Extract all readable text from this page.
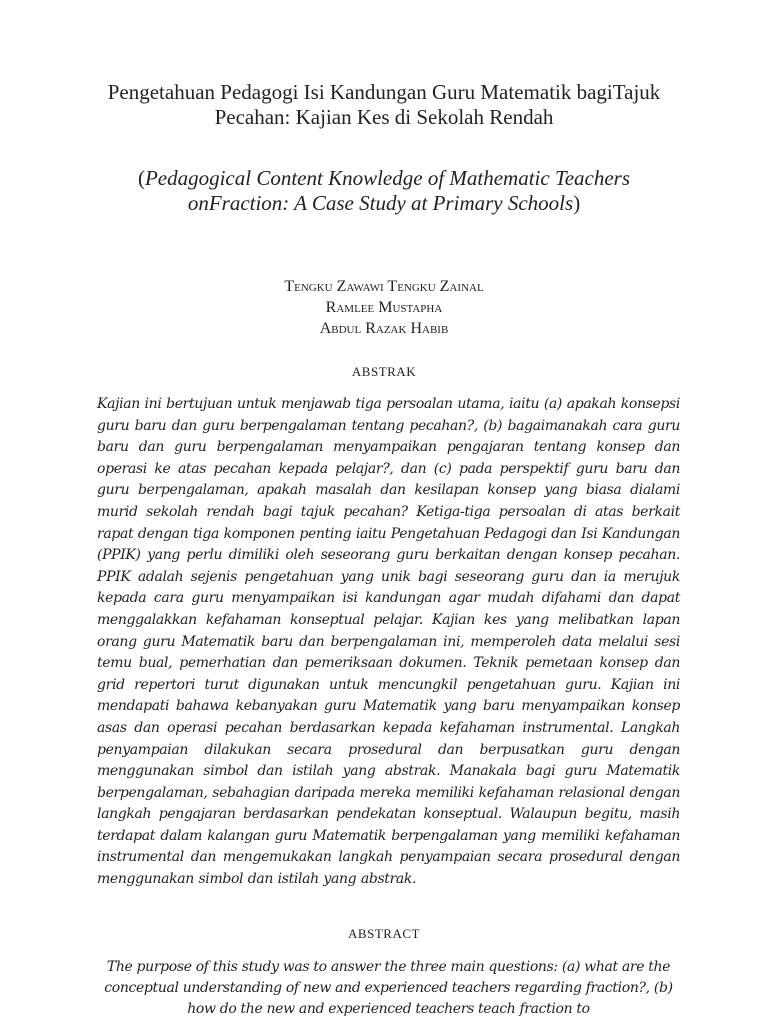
Pengetahuan Pedagogi Isi Kandungan Guru Matematik bagiTajuk
Pecahan: Kajian Kes di Sekolah Rendah
(Pedagogical Content Knowledge of Mathematic Teachers
onFraction: A Case Study at Primary Schools)
Tengku Zawawi Tengku Zainal
Ramlee Mustapha
Abdul Razak Habib
ABSTRAK
Kajian ini bertujuan untuk menjawab tiga persoalan utama, iaitu (a) apakah konsepsi guru baru dan guru berpengalaman tentang pecahan?, (b) bagaimanakah cara guru baru dan guru berpengalaman menyampaikan pengajaran tentang konsep dan operasi ke atas pecahan kepada pelajar?, dan (c) pada perspektif guru baru dan guru berpengalaman, apakah masalah dan kesilapan konsep yang biasa dialami murid sekolah rendah bagi tajuk pecahan? Ketiga-tiga persoalan di atas berkait rapat dengan tiga komponen penting iaitu Pengetahuan Pedagogi dan Isi Kandungan (PPIK) yang perlu dimiliki oleh seseorang guru berkaitan dengan konsep pecahan. PPIK adalah sejenis pengetahuan yang unik bagi seseorang guru dan ia merujuk kepada cara guru menyampaikan isi kandungan agar mudah difahami dan dapat menggalakkan kefahaman konseptual pelajar. Kajian kes yang melibatkan lapan orang guru Matematik baru dan berpengalaman ini, memperoleh data melalui sesi temu bual, pemerhatian dan pemeriksaan dokumen. Teknik pemetaan konsep dan grid repertori turut digunakan untuk mencungkil pengetahuan guru. Kajian ini mendapati bahawa kebanyakan guru Matematik yang baru menyampaikan konsep asas dan operasi pecahan berdasarkan kepada kefahaman instrumental. Langkah penyampaian dilakukan secara prosedural dan berpusatkan guru dengan menggunakan simbol dan istilah yang abstrak. Manakala bagi guru Matematik berpengalaman, sebahagian daripada mereka memiliki kefahaman relasional dengan langkah pengajaran berdasarkan pendekatan konseptual. Walaupun begitu, masih terdapat dalam kalangan guru Matematik berpengalaman yang memiliki kefahaman instrumental dan mengemukakan langkah penyampaian secara prosedural dengan menggunakan simbol dan istilah yang abstrak.
ABSTRACT
The purpose of this study was to answer the three main questions: (a) what are the conceptual understanding of new and experienced teachers regarding fraction?, (b) how do the new and experienced teachers teach fraction to
